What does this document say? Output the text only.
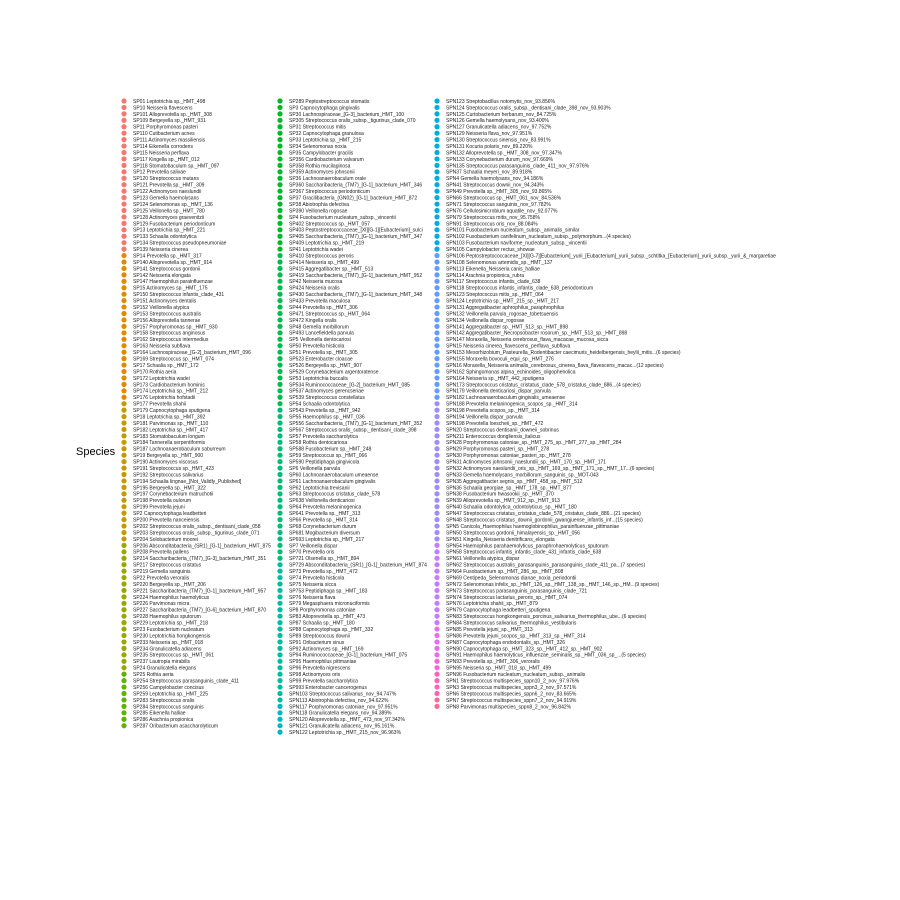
Species
SP01 Leptotrichia sp._HMT_498
SP10 Neisseria flavescens
SP101 Alloprevotella sp._HMT_308
SP109 Bergeyella sp._HMT_931
SP11 Porphyromonas pasteri
SP110 Cutibacterium acnes
SP111 Actinomyces massiliensis
SP114 Eikenella corrodens
SP115 Neisseria perflava
SP117 Kingella sp._HMT_012
SP118 Stomatobaculum sp._HMT_097
SP12 Prevotella salivae
SP120 Streptococcus mutans
SP121 Prevotella sp._HMT_309
SP122 Actinomyces naeslundii
SP123 Gemella haemolysans
SP124 Selenomonas sp._HMT_136
SP125 Veillonella sp._HMT_780
SP128 Actinomyces graevenitzii
SP129 Fusobacterium periodonticum
SP13 Leptotrichia sp._HMT_221
SP133 Schaalia odontolytica
SP134 Streptococcus pseudopneumoniae
SP139 Neisseria cinerea
SP14 Prevotella sp._HMT_317
SP140 Alloprevotella sp._HMT_914
SP141 Streptococcus gordonii
SP142 Neisseria elongata
SP147 Haemophilus parainfluenzae
SP15 Actinomyces sp._HMT_175
SP150 Streptococcus infantis_clade_431
SP151 Actinomyces dentalis
SP152 Veillonella atypica
SP153 Streptococcus australis
SP156 Alloprevotella tannerae
SP157 Porphyromonas sp._HMT_930
SP158 Streptococcus anginosus
SP162 Streptococcus intermedius
SP163 Neisseria subflava
SP164 Lachnospiraceae_[G-2]_bacterium_HMT_096
SP169 Streptococcus sp._HMT_074
SP17 Schaalia sp._HMT_172
SP170 Rothia aeria
SP172 Leptotrichia wadei
SP173 Cardiobacterium hominis
SP174 Leptotrichia sp._HMT_212
SP176 Leptotrichia hofstadii
SP177 Prevotella shahii
SP179 Capnocytophaga sputigena
SP18 Leptotrichia sp._HMT_392
SP181 Parvimonas sp._HMT_110
SP182 Leptotrichia sp._HMT_417
SP183 Stomatobaculum longum
SP184 Tannerella serpentiformis
SP187 Lachnoanaerobaculum saburreum
SP19 Bergeyella sp._HMT_900
SP190 Actinomyces viscosus
SP191 Streptococcus sp._HMT_423
SP192 Streptococcus salivarius
SP194 Schaalia lingnae_[Not_Validly_Published]
SP195 Bergeyella sp._HMT_322
SP197 Corynebacterium matruchotii
SP198 Prevotella oulorum
SP199 Prevotella jejuni
SP2 Capnocytophaga leadbetteri
SP200 Prevotella nanceiensis
SP202 Streptococcus oralis_subsp._dentisani_clade_058
SP203 Streptococcus oralis_subsp._tigurinus_clade_071
SP204 Solobacterium moorei
SP206 Absconditabacteria_(SR1)_[G-1]_bacterium_HMT_875
SP208 Prevotella pallens
SP214 Saccharibacteria_(TM7)_[G-3]_bacterium_HMT_351
SP217 Streptococcus cristatus
SP219 Gemella sanguinis
SP22 Prevotella veroralis
SP220 Bergeyella sp._HMT_206
SP221 Saccharibacteria_(TM7)_[G-1]_bacterium_HMT_957
SP224 Haemophilus haemolyticus
SP226 Parvimonas micra
SP227 Saccharibacteria_(TM7)_[G-6]_bacterium_HMT_870
SP228 Haemophilus sputorum
SP229 Leptotrichia sp._HMT_218
SP23 Fusobacterium nucleatum
SP230 Leptotrichia hongkongensis
SP233 Neisseria sp._HMT_018
SP234 Granulicatella adiacens
SP235 Streptococcus sp._HMT_061
SP237 Lautropia mirabilis
SP24 Granulicatella elegans
SP25 Rothia aeria
SP254 Streptococcus parasanguinis_clade_411
SP256 Campylobacter concisus
SP259 Leptotrichia sp._HMT_225
SP283 Streptococcus oralis
SP284 Streptococcus sanguinis
SP285 Eikenella halliae
SP286 Arachnia propionica
SP287 Oribacterium asaccharolyticum
SP289 Peptostreptococcus stomatis
SP3 Capnocytophaga gingivalis
SP30 Lachnospiraceae_[G-3]_bacterium_HMT_100
SP305 Streptococcus oralis_subsp._tigurinus_clade_070
SP31 Streptococcus mitis
SP32 Capnocytophaga granulosa
SP33 Leptotrichia sp._HMT_215
SP34 Selenomonas noxia
SP35 Campylobacter gracilis
SP356 Cardiobacterium valvarum
SP358 Rothia mucilaginosa
SP359 Actinomyces johnsonii
SP36 Lachnoanaerobaculum orale
SP360 Saccharibacteria_(TM7)_[G-1]_bacterium_HMT_346
SP367 Streptococcus periodonticum
SP37 Gracilibacteria_(GN02)_[G-1]_bacterium_HMT_872
SP38 Abiotrophia defectiva
SP390 Veillonella rogosae
SP4 Fusobacterium nucleatum_subsp._vincentii
SP402 Streptococcus sp._HMT_057
SP403 Peptostreptococcaceae_[XI][G-1][Eubacterium]_sulci
SP405 Saccharibacteria_(TM7)_[G-1]_bacterium_HMT_347
SP409 Leptotrichia sp._HMT_219
SP41 Leptotrichia wadei
SP410 Streptococcus peroris
SP414 Neisseria sp._HMT_499
SP415 Aggregatibacter sp._HMT_513
SP419 Saccharibacteria_(TM7)_[G-1]_bacterium_HMT_952
SP42 Neisseria mucosa
SP424 Neisseria oralis
SP430 Saccharibacteria_(TM7)_[G-1]_bacterium_HMT_348
SP433 Prevotella maculosa
SP44 Prevotella sp._HMT_306
SP471 Streptococcus sp._HMT_064
SP472 Kingella oralis
SP48 Gemella morbillorum
SP493 Lancefieldella parvula
SP5 Veillonella dentocariosi
SP50 Prevotella histicola
SP51 Prevotella sp._HMT_305
SP523 Enterobacter cloacae
SP526 Bergeyella sp._HMT_907
SP529 Corynebacterium argentoratense
SP53 Leptotrichia buccalis
SP534 Ruminococcaceae_[G-2]_bacterium_HMT_085
SP537 Actinomyces gerencseriae
SP539 Streptococcus constellatus
SP54 Schaalia odontolytica
SP543 Prevotella sp._HMT_942
SP55 Haemophilus sp._HMT_036
SP556 Saccharibacteria_(TM7)_[G-1]_bacterium_HMT_352
SP567 Streptococcus oralis_subsp._dentisani_clade_398
SP57 Prevotella saccharolytica
SP58 Rothia dentocariosa
SP588 Fusobacterium sp._HMT_248
SP59 Streptococcus sp._HMT_066
SP590 Peptidiphaga gingivicola
SP6 Veillonella parvula
SP60 Lachnoanaerobaculum umeaense
SP61 Lachnoanaerobaculum gingivalis
SP62 Leptotrichia trevisanii
SP63 Streptococcus cristatus_clade_578
SP638 Veillonella denticariosi
SP64 Prevotella melaninogenica
SP641 Prevotella sp._HMT_313
SP66 Prevotella sp._HMT_314
SP68 Corynebacterium durum
SP681 Mogibacterium diversum
SP693 Leptotrichia sp._HMT_217
SP7 Veillonella dispar
SP70 Prevotella oris
SP721 Olsenella sp._HMT_894
SP729 Absconditabacteria_(SR1)_[G-1]_bacterium_HMT_874
SP73 Prevotella sp._HMT_472
SP74 Prevotella histicola
SP75 Neisseria sicca
SP753 Peptidiphaga sp._HMT_183
SP76 Neisseria flava
SP79 Megasphaera micronuciformis
SP8 Porphyromonas catoniae
SP83 Alloprevotella sp._HMT_473
SP87 Schaalia sp._HMT_180
SP88 Capnocytophaga sp._HMT_332
SP89 Streptococcus downii
SP91 Oribacterium sinus
SP92 Actinomyces sp._HMT_169
SP94 Ruminococcaceae_[G-1]_bacterium_HMT_075
SP95 Haemophilus pittmaniae
SP96 Prevotella nigrescens
SP98 Actinomyces oris
SP99 Prevotella saccharolytica
SP993 Enterobacter cancerogenus
SPN103 Streptococcus salivarius_nov_94.747%
SPN113 Abiotrophia defectiva_nov_94.622%
SPN117 Porphyromonas catoniae_nov_97.951%
SPN118 Granulicatella elegans_nov_94.389%
SPN120 Alloprevotella sp._HMT_473_nov_97.342%
SPN121 Granulicatella adiacens_nov_95.161%
SPN122 Leptotrichia sp._HMT_215_nov_96.963%
SPN123 Streptobacillus notomytis_nov_93.856%
SPN124 Streptococcus oralis_subsp._dentisani_clade_398_nov_93.903%
SPN125 Curtobacterium herbarum_nov_84.725%
SPN126 Gemella haemolysans_nov_93.400%
SPN127 Granulicatella adiacens_nov_97.752%
SPN129 Neisseria flava_nov_97.951%
SPN130 Streptococcus sinensis_nov_83.991%
SPN131 Kocuria polaris_nov_89.220%
SPN132 Alloprevotella sp._HMT_308_nov_97.347%
SPN133 Corynebacterium durum_nov_97.669%
SPN135 Streptococcus parasanguinis_clade_411_nov_97.976%
SPN37 Schaalia meyeri_nov_89.918%
SPN4 Gemella haemolysans_nov_94.186%
SPN41 Streptococcus downii_nov_94.343%
SPN49 Prevotella sp._HMT_305_nov_93.865%
SPN66 Streptococcus sp._HMT_061_nov_84.536%
SPN71 Streptococcus sanguinis_nov_97.782%
SPN76 Cellulosimicrobium aquatile_nov_92.077%
SPN79 Streptococcus mitis_nov_95.758%
SPN91 Streptococcus oris_nov_88.084%
SPN101 Fusobacterium nucleatum_subsp._animalis_similar
SPN102 Fusobacterium canifelinum_nucleatum_subsp._polymorphum...(4 species)
SPN103 Fusobacterium naviforme_nucleatum_subsp._vincentii
SPN105 Campylobacter rectus_showae
SPN106 Peptostreptococcaceae_[XI][G-7][Eubacterium]_yurii_[Eubacterium]_yurii_subsp._schtitka_[Eubacterium]_yurii_subsp._yurii_&_margaretiae
SPN108 Selenomonas artemidis_sp._HMT_137
SPN113 Eikenella_Neisseria canis_halliae
SPN114 Arachnia propionica_rubra
SPN117 Streptococcus infantis_clade_638
SPN118 Streptococcus infantis_infantis_clade_638_periodonticum
SPN123 Streptococcus mitis_sp._HMT_064
SPN124 Leptotrichia sp._HMT_215_sp._HMT_217
SPN131 Aggregatibacter aphrophilus_paraphrophilus
SPN132 Veillonella parvula_rogosae_tobetsuensis
SPN134 Veillonella dispar_rogosae
SPN141 Aggregatibacter sp._HMT_513_sp._HMT_898
SPN142 Aggregatibacter_Necropsobacter rosorum_sp._HMT_513_sp._HMT_898
SPN147 Moraxella_Neisseria cerebrosus_flava_macacae_mucosa_sicca
SPN15 Neisseria cinerea_flavescens_perflava_subflava
SPN153 Mesorhizobium_Pasteurella_Rodentibacter caecimuris_heidelbergensis_heylii_mitis...(6 species)
SPN155 Moraxella bovoculi_equi_sp._HMT_276
SPN16 Moraxella_Neisseria animalis_cerebrosus_cinerea_flava_flavescens_macac...(12 species)
SPN162 Sphingomonas alpina_echinoides_oligophenolica
SPN164 Neisseria sp._HMT_442_sputigena
SPN173 Streptococcus cristatus_cristatus_clade_578_cristatus_clade_886...(4 species)
SPN179 Veillonella denticariosi_dispar_parvula
SPN182 Lachnoanaerobaculum gingivalis_umeaense
SPN188 Prevotella melaninogenica_scopos_sp._HMT_314
SPN198 Prevotella scopos_sp._HMT_314
SPN194 Veillonella dispar_parvula
SPN198 Prevotella loescheii_sp._HMT_472
SPN20 Streptococcus dentisanii_downeii_sobrinus
SPN211 Enterococcus dongliensis_italicus
SPN28 Porphyromonas catoniae_sp._HMT_275_sp._HMT_277_sp._HMT_284
SPN29 Porphyromonas pasteri_sp._HMT_278
SPN30 Porphyromonas catoniae_pasteri_sp._HMT_278
SPN31 Actinomyces johnsonii_naeslundii_sp._HMT_170_sp._HMT_171
SPN32 Actinomyces naeslundii_oris_sp._HMT_169_sp._HMT_171_sp._HMT_17...(6 species)
SPN33 Gemella haemolysans_morbillorum_sanguinis_sp._MOT-043
SPN35 Aggregatibacter segnis_sp._HMT_458_sp._HMT_512
SPN36 Schaalia georgiae_sp._HMT_178_sp._HMT_877
SPN38 Fusobacterium hwasookii_sp._HMT_370
SPN39 Alloprevotella sp._HMT_912_sp._HMT_913
SPN40 Schaalia odontolytica_odontolyticus_sp._HMT_180
SPN47 Streptococcus cristatus_cristatus_clade_578_cristatus_clade_886...(21 species)
SPN48 Streptococcus cristatus_downii_gordonii_gwangjuense_infantis_inf...(15 species)
SPN5 Canicola_Haemophilus haemoglobinophilus_parainfluenzae_pittmaniae
SPN50 Streptococcus gordonii_himalayensis_sp._HMT_056
SPN51 Kingella_Neisseria denitrificans_elongata
SPN54 Haemophilus parahaemolyticus_paraphrohaemolyticus_sputorum
SPN58 Streptococcus infantis_infantis_clade_431_infantis_clade_638
SPN61 Veillonella atypica_dispar
SPN62 Streptococcus australis_parasanguinis_parasanguinis_clade_411_pa...(7 species)
SPN64 Fusobacterium sp._HMT_286_sp._HMT_808
SPN69 Centipeda_Selenomonas dianae_noxia_periodontii
SPN72 Selenomonas infelix_sp._HMT_126_sp._HMT_138_sp._HMT_146_sp._HM...(9 species)
SPN73 Streptococcus parasanguinis_parasanguinis_clade_721
SPN74 Streptococcus lactarius_peroris_sp._HMT_074
SPN76 Leptotrichia shahii_sp._HMT_879
SPN79 Capnocytophaga leadbetteri_sputigena
SPN83 Streptococcus hongkongensis_porcinus_salivarius_thermophilus_ube...(6 species)
SPN84 Streptococcus salivarius_thermophilus_vestibularis
SPN85 Prevotella jejuni_sp._HMT_313
SPN86 Prevotella jejuni_scopos_sp._HMT_313_sp._HMT_314
SPN87 Capnocytophaga endodontalis_sp._HMT_326
SPN90 Capnocytophaga sp._HMT_323_sp._HMT_412_sp._HMT_902
SPN91 Haemophilus haemolyticus_influenzae_seminalis_sp._HMT_036_sp_...(5 species)
SPN93 Prevotella sp._HMT_306_veroralis
SPN95 Neisseria sp._HMT_018_sp._HMT_499
SPN96 Fusobacterium nucleatum_nucleatum_subsp._animalis
SPN1 Streptococcus multispecies_sppn10_2_nov_97.976%
SPN3 Streptococcus multispecies_sppn3_2_nov_97.571%
SPN6 Streptococcus multispecies_sppn6_2_nov_83.665%
SPN7 Streptococcus multispecies_sppn7_2_nov_94.919%
SPN8 Parvimonas multispecies_sppn8_2_nov_96.842%
